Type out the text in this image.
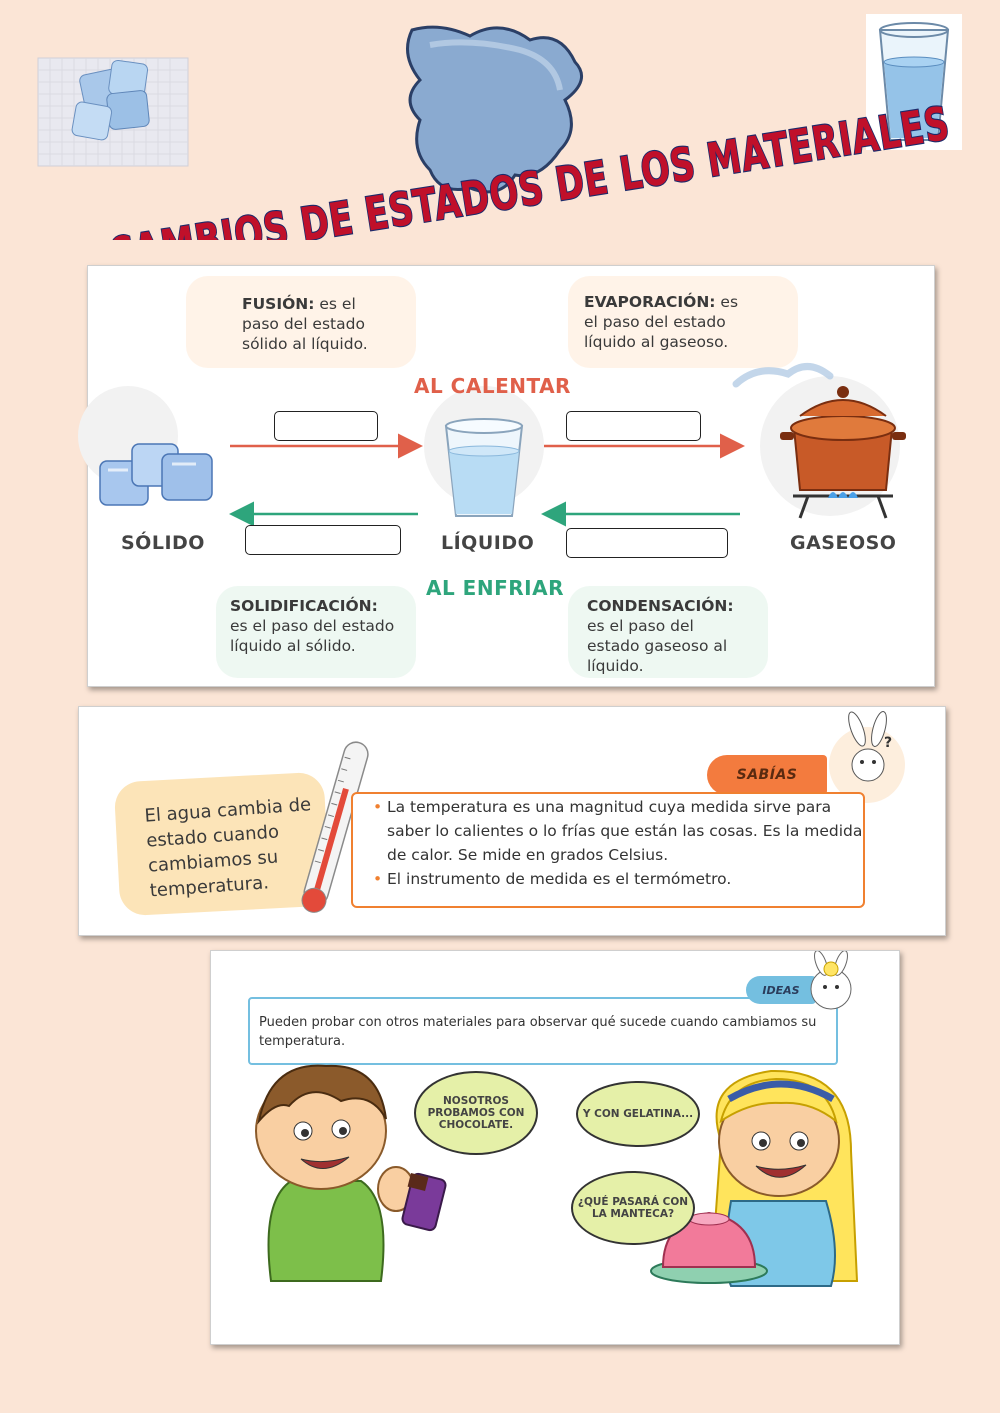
FUSIÓN: es el
paso del estado
sólido al líquido.
EVAPORACIÓN: es
el paso del estado
líquido al gaseoso.
SOLIDIFICACIÓN:
es el paso del estado
líquido al sólido.
CONDENSACIÓN:
es el paso del
estado gaseoso al
líquido.
AL CALENTAR
AL ENFRIAR
SÓLIDO	LÍQUIDO	GASEOSO
El agua cambia de estado cuando cambiamos su temperatura.
?
SABÍAS
• La temperatura es una magnitud cuya medida sirve para saber lo calientes o lo frías que están las cosas. Es la medida de calor. Se mide en grados Celsius.
• El instrumento de medida es el termómetro.
IDEAS
Pueden probar con otros materiales para observar qué sucede cuando cambiamos su temperatura.
NOSOTROS PROBAMOS CON CHOCOLATE.
Y CON GELATINA...
¿QUÉ PASARÁ CON LA MANTECA?
